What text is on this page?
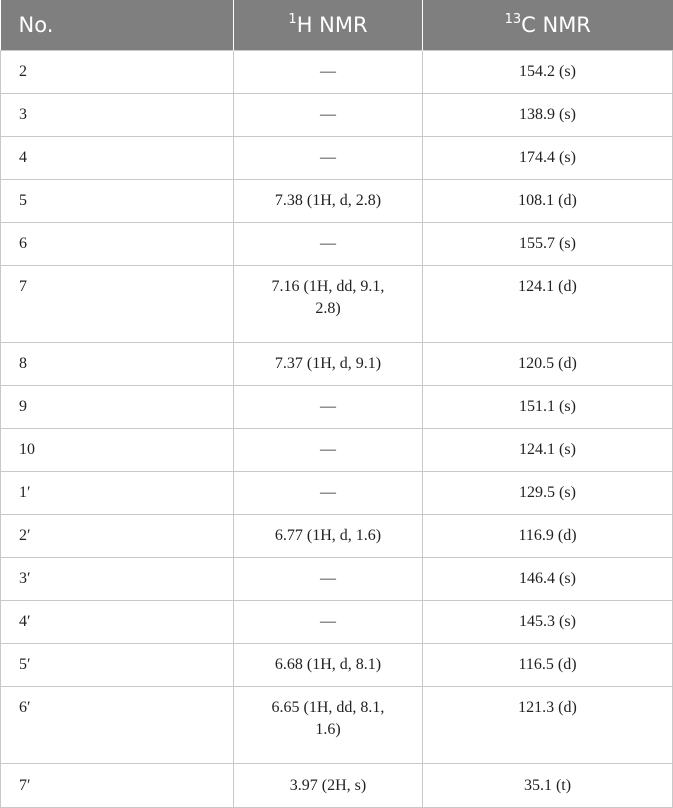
No.	$^1$H NMR	$^{13}$C NMR
2	—	154.2 (s)
3	—	138.9 (s)
4	—	174.4 (s)
5	7.38 (1H, d, 2.8)	108.1 (d)
6	—	155.7 (s)
7	7.16 (1H, dd, 9.1, 2.8)	124.1 (d)
8	7.37 (1H, d, 9.1)	120.5 (d)
9	—	151.1 (s)
10	—	124.1 (s)
1′	—	129.5 (s)
2′	6.77 (1H, d, 1.6)	116.9 (d)
3′	—	146.4 (s)
4′	—	145.3 (s)
5′	6.68 (1H, d, 8.1)	116.5 (d)
6′	6.65 (1H, dd, 8.1, 1.6)	121.3 (d)
7′	3.97 (2H, s)	35.1 (t)
